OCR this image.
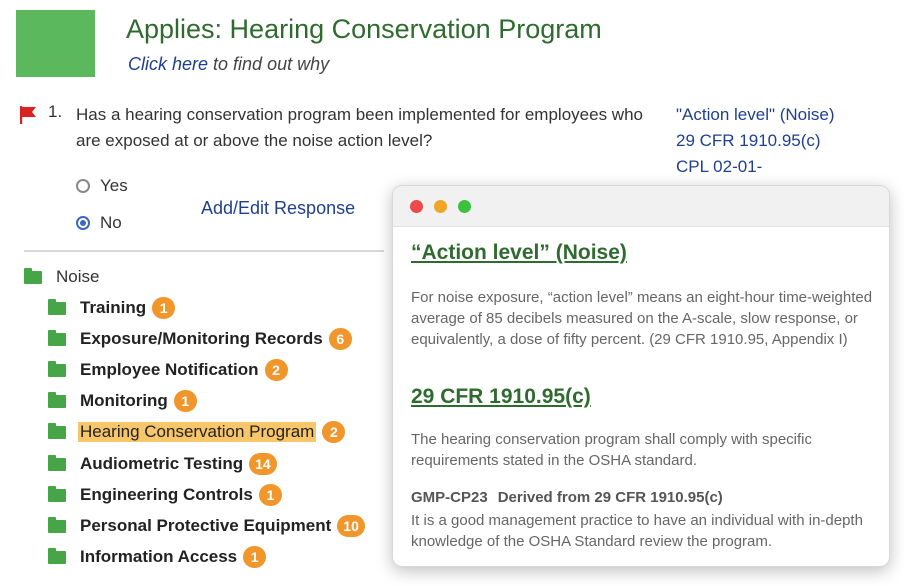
Applies: Hearing Conservation Program
Click here to find out why
1. Has a hearing conservation program been implemented for employees who are exposed at or above the noise action level?
"Action level" (Noise)
29 CFR 1910.95(c)
CPL 02-01-
Yes
No
Add/Edit Response
Noise
Training 1
Exposure/Monitoring Records 6
Employee Notification 2
Monitoring 1
Hearing Conservation Program	2
Audiometric Testing 14
Engineering Controls 1
Personal Protective Equipment 10
Information Access 1
“Action level” (Noise)

For noise exposure, “action level” means an eight-hour time-weighted average of 85 decibels measured on the A-scale, slow response, or equivalently, a dose of fifty percent. (29 CFR 1910.95, Appendix I)

29 CFR 1910.95(c)

The hearing conservation program shall comply with specific requirements stated in the OSHA standard.

GMP-CP23 Derived from 29 CFR 1910.95(c)

It is a good management practice to have an individual with in-depth knowledge of the OSHA Standard review the program.
